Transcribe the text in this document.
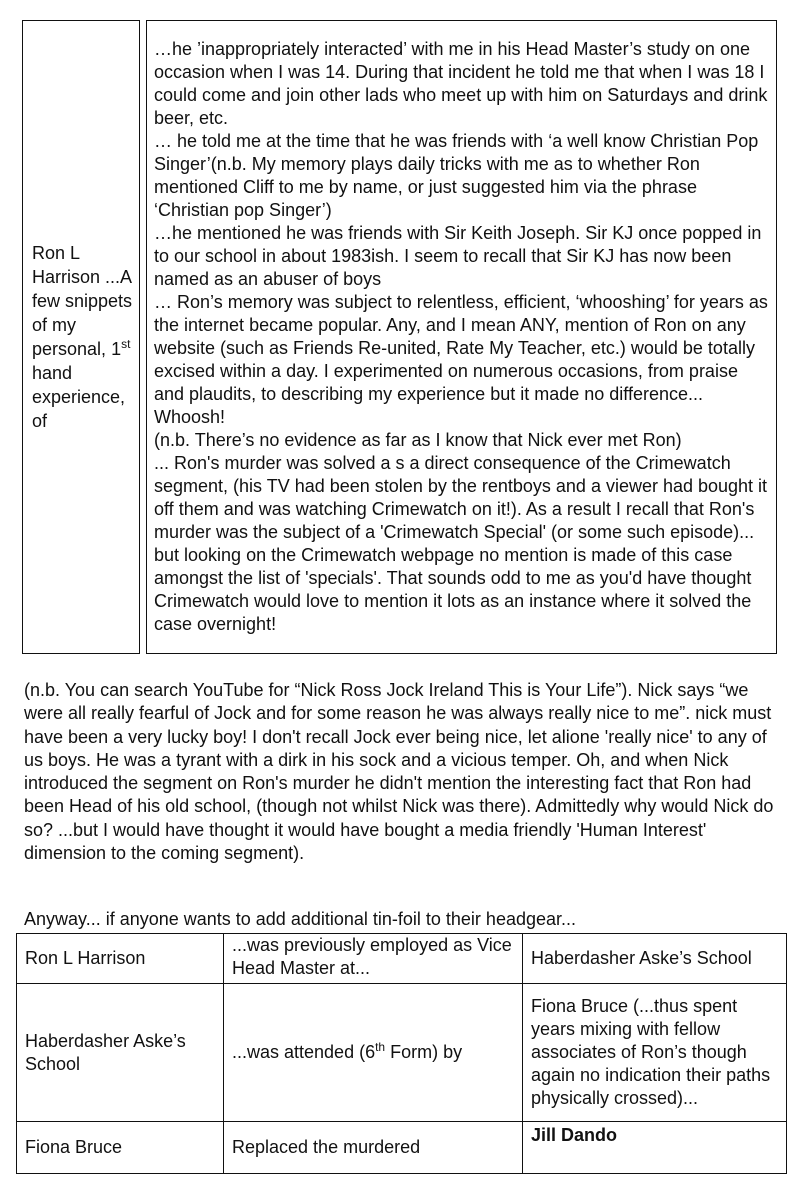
Ron L Harrison ...A few snippets of my personal, 1st hand experience, of

…he ’inappropriately interacted’ with me in his Head Master’s study on one occasion when I was 14. During that incident he told me that when I was 18 I could come and join other lads who meet up with him on Saturdays and drink beer, etc.

… he told me at the time that he was friends with ‘a well know Christian Pop Singer’(n.b. My memory plays daily tricks with me as to whether Ron mentioned Cliff to me by name, or just suggested him via the phrase ‘Christian pop Singer’)

…he mentioned he was friends with Sir Keith Joseph. Sir KJ once popped in to our school in about 1983ish. I seem to recall that Sir KJ has now been named as an abuser of boys

… Ron’s memory was subject to relentless, efficient, ‘whooshing’ for years as the internet became popular. Any, and I mean ANY, mention of Ron on any website (such as Friends Re-united, Rate My Teacher, etc.) would be totally excised within a day. I experimented on numerous occasions, from praise and plaudits, to describing my experience but it made no difference... Whoosh!

(n.b. There’s no evidence as far as I know that Nick ever met Ron)

... Ron's murder was solved a s a direct consequence of the Crimewatch segment, (his TV had been stolen by the rentboys and a viewer had bought it off them and was watching Crimewatch on it!). As a result I recall that Ron's murder was the subject of a 'Crimewatch Special' (or some such episode)... but looking on the Crimewatch webpage no mention is made of this case amongst the list of 'specials'. That sounds odd to me as you'd have thought Crimewatch would love to mention it lots as an instance where it solved the case overnight!

(n.b. You can search YouTube for “Nick Ross Jock Ireland This is Your Life”). Nick says “we were all really fearful of Jock and for some reason he was always really nice to me”. nick must have been a very lucky boy! I don't recall Jock ever being nice, let alione 'really nice' to any of us boys. He was a tyrant with a dirk in his sock and a vicious temper. Oh, and when Nick introduced the segment on Ron's murder he didn't mention the interesting fact that Ron had been Head of his old school, (though not whilst Nick was there). Admittedly why would Nick do so? ...but I would have thought it would have bought a media friendly 'Human Interest' dimension to the coming segment).

Anyway... if anyone wants to add additional tin-foil to their headgear...

Ron L Harrison	...was previously employed as Vice Head Master at...	Haberdasher Aske’s School
Haberdasher Aske’s School	...was attended (6th Form) by	Fiona Bruce (...thus spent years mixing with fellow associates of Ron’s though again no indication their paths physically crossed)...
Fiona Bruce	Replaced the murdered	Jill Dando
